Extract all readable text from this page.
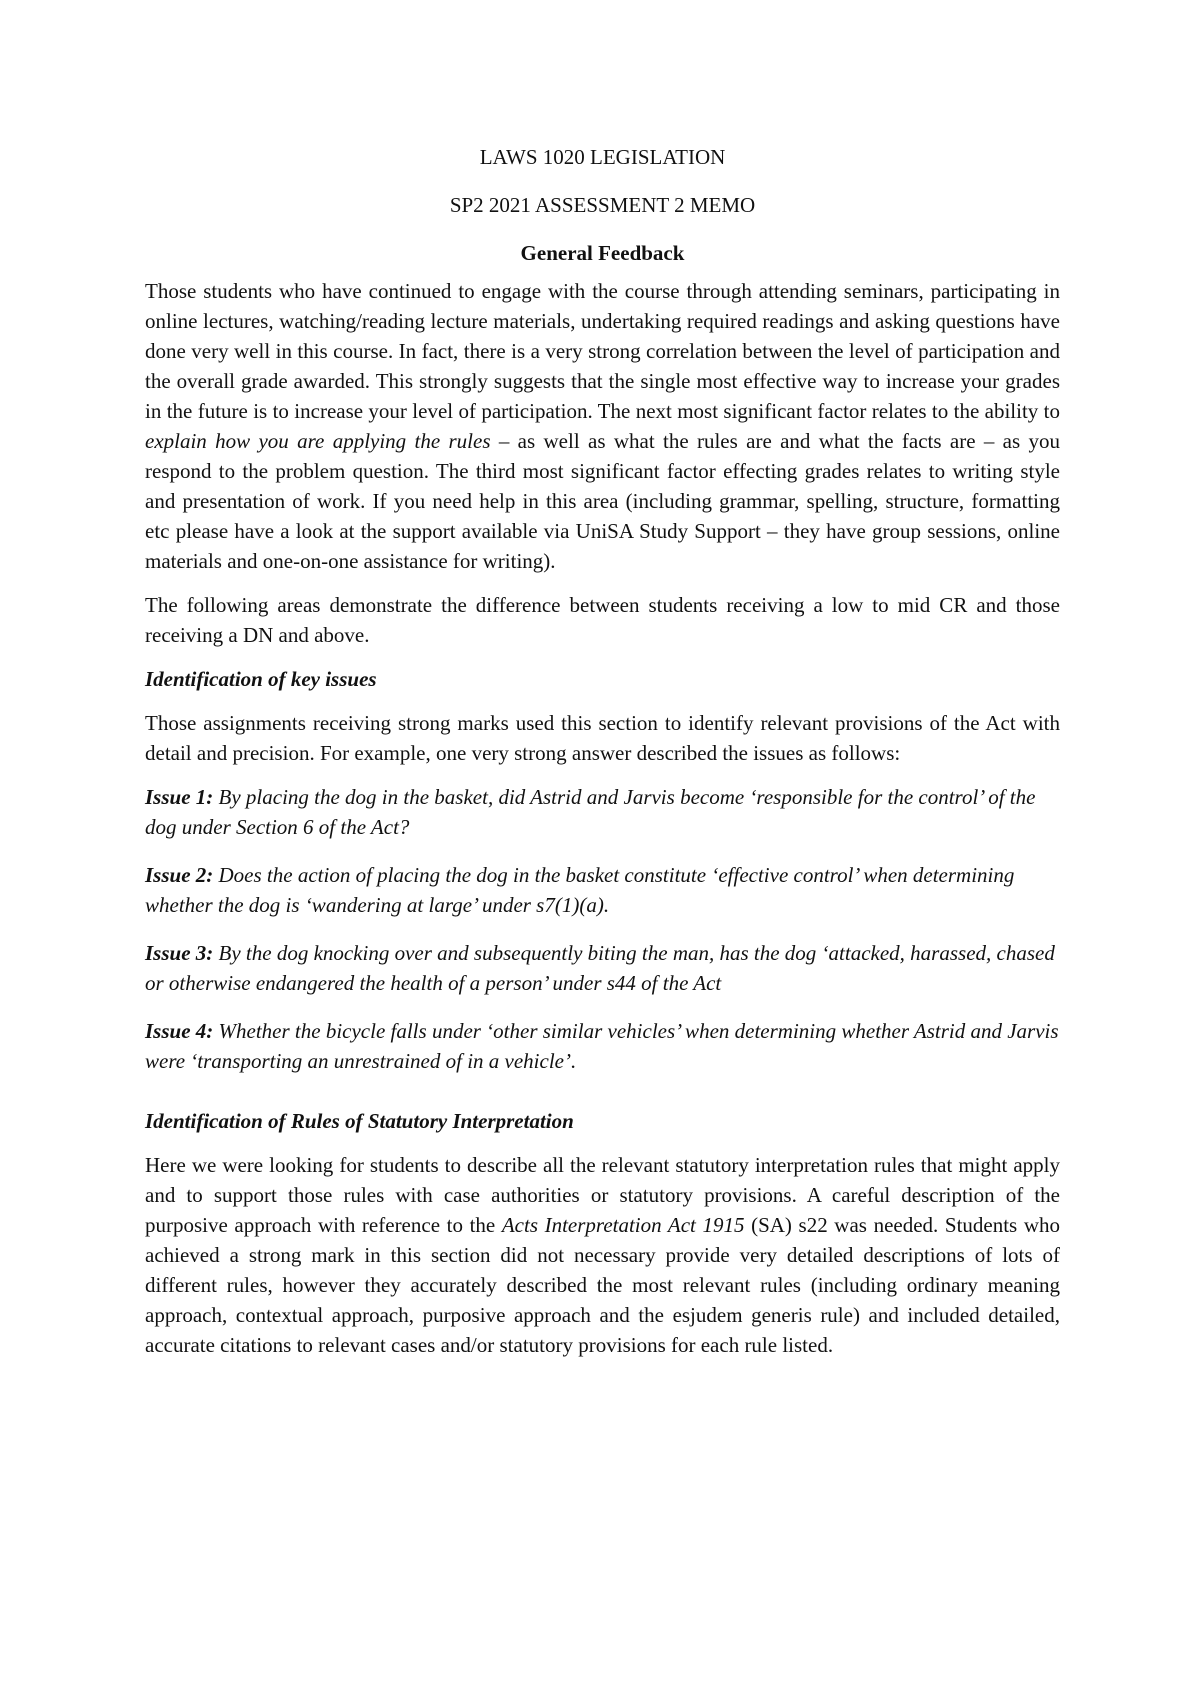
LAWS 1020 LEGISLATION
SP2 2021 ASSESSMENT 2 MEMO
General Feedback

Those students who have continued to engage with the course through attending seminars, participating in online lectures, watching/reading lecture materials, undertaking required readings and asking questions have done very well in this course. In fact, there is a very strong correlation between the level of participation and the overall grade awarded. This strongly suggests that the single most effective way to increase your grades in the future is to increase your level of participation. The next most significant factor relates to the ability to explain how you are applying the rules – as well as what the rules are and what the facts are – as you respond to the problem question. The third most significant factor effecting grades relates to writing style and presentation of work. If you need help in this area (including grammar, spelling, structure, formatting etc please have a look at the support available via UniSA Study Support – they have group sessions, online materials and one-on-one assistance for writing).

The following areas demonstrate the difference between students receiving a low to mid CR and those receiving a DN and above.

Identification of key issues

Those assignments receiving strong marks used this section to identify relevant provisions of the Act with detail and precision. For example, one very strong answer described the issues as follows:

Issue 1: By placing the dog in the basket, did Astrid and Jarvis become ‘responsible for the control’ of the dog under Section 6 of the Act?
Issue 2: Does the action of placing the dog in the basket constitute ‘effective control’ when determining whether the dog is ‘wandering at large’ under s7(1)(a).
Issue 3: By the dog knocking over and subsequently biting the man, has the dog ‘attacked, harassed, chased or otherwise endangered the health of a person’ under s44 of the Act
Issue 4: Whether the bicycle falls under ‘other similar vehicles’ when determining whether Astrid and Jarvis were ‘transporting an unrestrained of in a vehicle’.
Identification of Rules of Statutory Interpretation

Here we were looking for students to describe all the relevant statutory interpretation rules that might apply and to support those rules with case authorities or statutory provisions. A careful description of the purposive approach with reference to the Acts Interpretation Act 1915 (SA) s22 was needed. Students who achieved a strong mark in this section did not necessary provide very detailed descriptions of lots of different rules, however they accurately described the most relevant rules (including ordinary meaning approach, contextual approach, purposive approach and the esjudem generis rule) and included detailed, accurate citations to relevant cases and/or statutory provisions for each rule listed.
